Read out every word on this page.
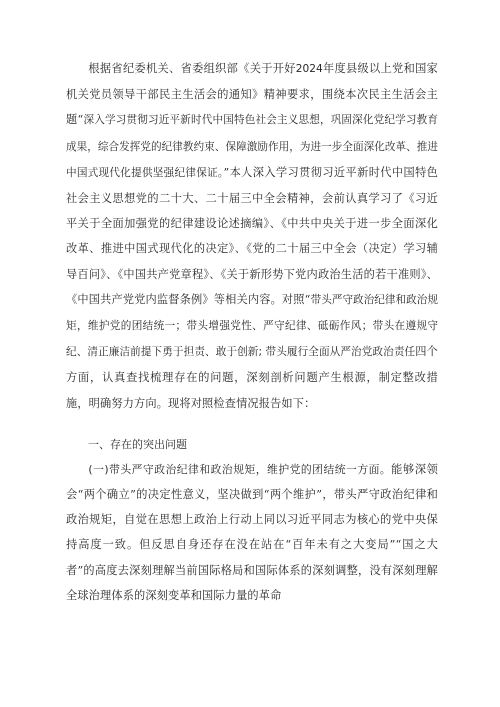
根据省纪委机关、省委组织部《关于开好2024年度县级以上党和国家机关党员领导干部民主生活会的通知》精神要求，围绕本次民主生活会主题“深入学习贯彻习近平新时代中国特色社会主义思想，巩固深化党纪学习教育成果，综合发挥党的纪律教约束、保障激励作用，为进一步全面深化改革、推进中国式现代化提供坚强纪律保证。”本人深入学习贯彻习近平新时代中国特色社会主义思想党的二十大、二十届三中全会精神，会前认真学习了《习近平关于全面加强党的纪律建设论述摘编》、《中共中央关于进一步全面深化改革、推进中国式现代化的决定》、《党的二十届三中全会（决定）学习辅导百问》、《中国共产党章程》、《关于新形势下党内政治生活的若干准则》、《中国共产党党内监督条例》等相关内容。对照“带头严守政治纪律和政治规矩，维护党的团结统一；带头增强党性、严守纪律、砥砺作风；带头在遵规守纪、清正廉洁前提下勇于担责、敢于创新; 带头履行全面从严治党政治责任四个方面，认真查找梳理存在的问题，深刻剖析问题产生根源，制定整改措施，明确努力方向。现将对照检查情况报告如下：

一、存在的突出问题

(一)带头严守政治纪律和政治规矩，维护党的团结统一方面。能够深领会“两个确立”的决定性意义，坚决做到“两个维护”，带头严守政治纪律和政治规矩，自觉在思想上政治上行动上同以习近平同志为核心的党中央保持高度一致。但反思自身还存在没在站在“百年未有之大变局”“国之大者”的高度去深刻理解当前国际格局和国际体系的深刻调整，没有深刻理解全球治理体系的深刻变革和国际力量的革命
